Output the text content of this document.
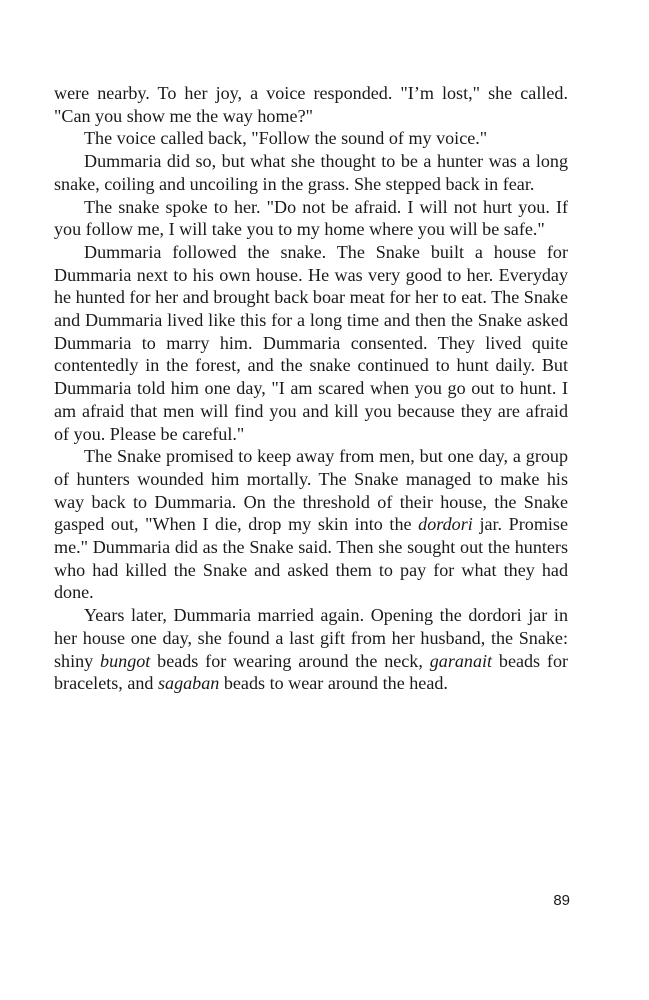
were nearby. To her joy, a voice responded. "I’m lost," she called. "Can you show me the way home?"

The voice called back, "Follow the sound of my voice."

Dummaria did so, but what she thought to be a hunter was a long snake, coiling and uncoiling in the grass. She stepped back in fear.

The snake spoke to her. "Do not be afraid. I will not hurt you. If you follow me, I will take you to my home where you will be safe."

Dummaria followed the snake. The Snake built a house for Dummaria next to his own house. He was very good to her. Everyday he hunted for her and brought back boar meat for her to eat. The Snake and Dummaria lived like this for a long time and then the Snake asked Dummaria to marry him. Dummaria consented. They lived quite contentedly in the forest, and the snake continued to hunt daily. But Dummaria told him one day, "I am scared when you go out to hunt. I am afraid that men will find you and kill you because they are afraid of you. Please be careful."

The Snake promised to keep away from men, but one day, a group of hunters wounded him mortally. The Snake managed to make his way back to Dummaria. On the threshold of their house, the Snake gasped out, "When I die, drop my skin into the dordori jar. Promise me." Dummaria did as the Snake said. Then she sought out the hunters who had killed the Snake and asked them to pay for what they had done.

Years later, Dummaria married again. Opening the dordori jar in her house one day, she found a last gift from her husband, the Snake: shiny bungot beads for wearing around the neck, garanait beads for bracelets, and sagaban beads to wear around the head.

89
